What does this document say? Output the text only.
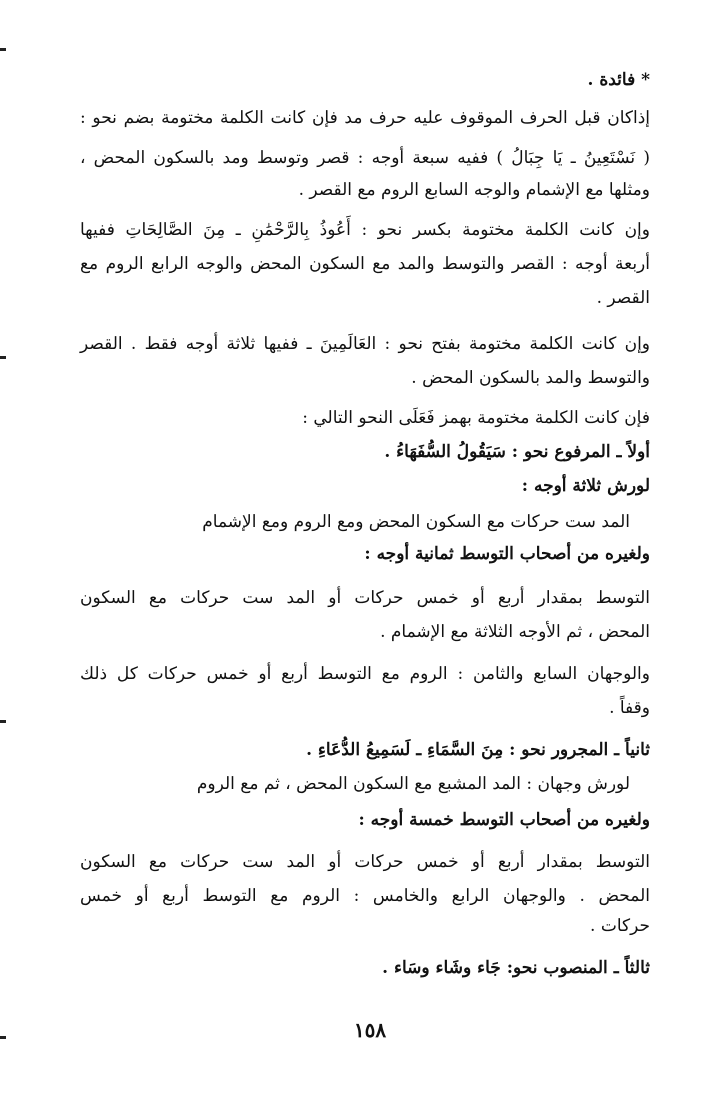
* فائدة .
إذاكان قبل الحرف الموقوف عليه حرف مد فإن كانت الكلمة مختومة بضم نحو :
( نَسْتَعِينُ ـ يَا جِبَالُ ) ففيه سبعة أوجه : قصر وتوسط ومد بالسكون المحض ،
ومثلها مع الإشمام والوجه السابع الروم مع القصر .
وإن كانت الكلمة مختومة بكسر نحو : أَعُوذُ بِالرَّحْمَٰنِ ـ مِنَ الصَّالِحَاتِ ففيها
أربعة أوجه : القصر والتوسط والمد مع السكون المحض والوجه الرابع الروم مع
القصر .
وإن كانت الكلمة مختومة بفتح نحو : العَالَمِينَ ـ ففيها ثلاثة أوجه فقط . القصر
والتوسط والمد بالسكون المحض .
فإن كانت الكلمة مختومة بهمز فَعَلَى النحو التالي :
أولاً ـ المرفوع نحو : سَيَقُولُ السُّفَهَاءُ .
لورش ثلاثة أوجه :
المد ست حركات مع السكون المحض ومع الروم ومع الإشمام
ولغيره من أصحاب التوسط ثمانية أوجه :
التوسط بمقدار أربع أو خمس حركات أو المد ست حركات مع السكون
المحض ، ثم الأوجه الثلاثة مع الإشمام .
والوجهان السابع والثامن : الروم مع التوسط أربع أو خمس حركات كل ذلك
وقفاً .
ثانياً ـ المجرور نحو : مِنَ السَّمَاءِ ـ لَسَمِيعُ الدُّعَاءِ .
لورش وجهان : المد المشبع مع السكون المحض ، ثم مع الروم
ولغيره من أصحاب التوسط خمسة أوجه :
التوسط بمقدار أربع أو خمس حركات أو المد ست حركات مع السكون
المحض . والوجهان الرابع والخامس : الروم مع التوسط أربع أو خمس
حركات .
ثالثاً ـ المنصوب نحو: جَاء وشَاء وسَاء .
١٥٨
